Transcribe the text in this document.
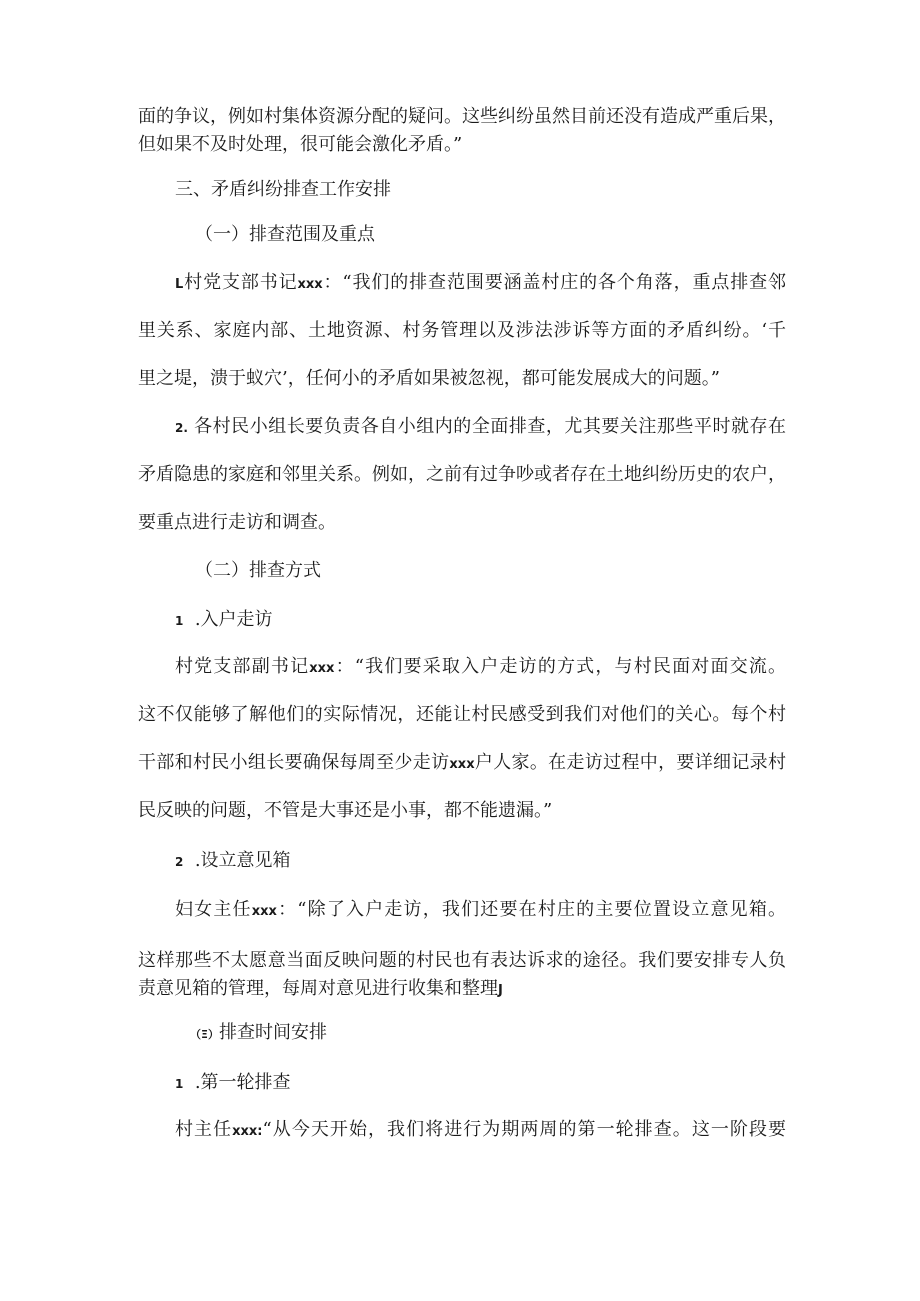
面的争议，例如村集体资源分配的疑问。这些纠纷虽然目前还没有造成严重后果，
但如果不及时处理，很可能会激化矛盾。”
三、矛盾纠纷排查工作安排
（一）排查范围及重点
L村党支部书记xxx：“我们的排查范围要涵盖村庄的各个角落，重点排查邻
里关系、家庭内部、土地资源、村务管理以及涉法涉诉等方面的矛盾纠纷。‘千
里之堤，溃于蚁穴’，任何小的矛盾如果被忽视，都可能发展成大的问题。”
2. 各村民小组长要负责各自小组内的全面排查，尤其要关注那些平时就存在
矛盾隐患的家庭和邻里关系。例如，之前有过争吵或者存在土地纠纷历史的农户，
要重点进行走访和调查。
（二）排查方式
1 .入户走访
村党支部副书记xxx：“我们要采取入户走访的方式，与村民面对面交流。
这不仅能够了解他们的实际情况，还能让村民感受到我们对他们的关心。每个村
干部和村民小组长要确保每周至少走访xxx户人家。在走访过程中，要详细记录村
民反映的问题，不管是大事还是小事，都不能遗漏。”
2 .设立意见箱
妇女主任xxx：“除了入户走访，我们还要在村庄的主要位置设立意见箱。
这样那些不太愿意当面反映问题的村民也有表达诉求的途径。我们要安排专人负
责意见箱的管理，每周对意见进行收集和整理J
（Ξ）排查时间安排
1 .第一轮排查
村主任xxx:“从今天开始，我们将进行为期两周的第一轮排查。这一阶段要
